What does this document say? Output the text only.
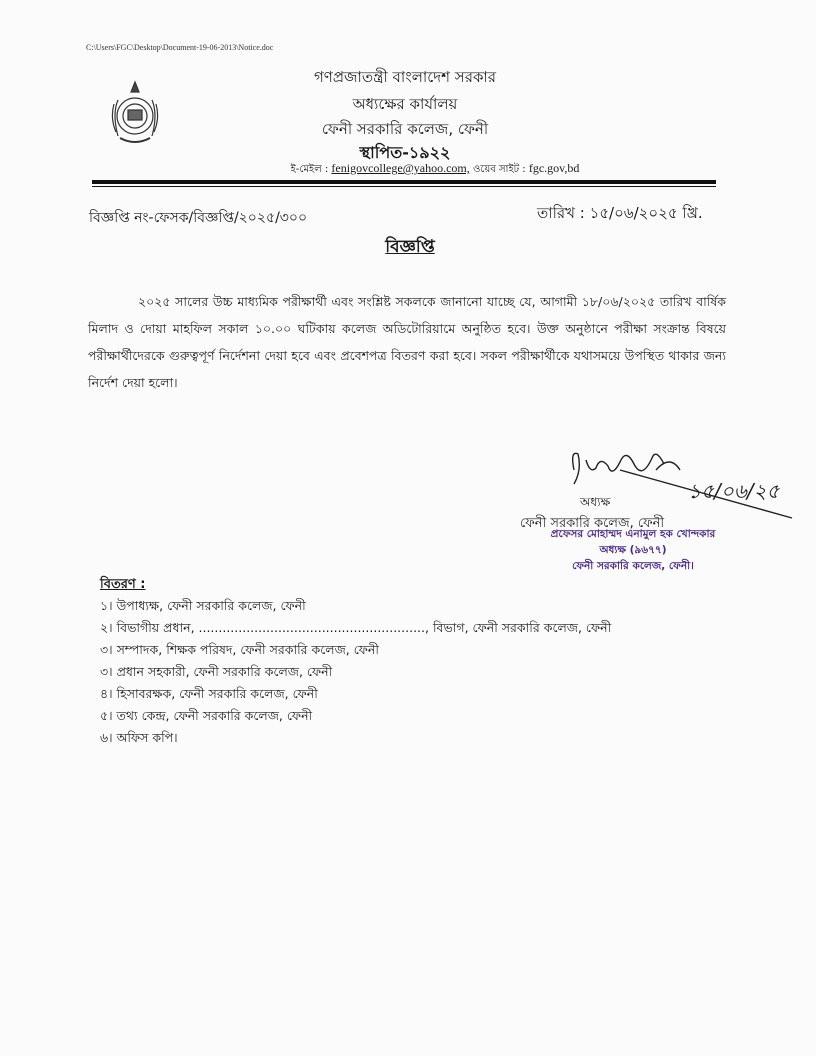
C:\Users\FGC\Desktop\Document-19-06-2013\Notice.doc
গণপ্রজাতন্ত্রী বাংলাদেশ সরকার
অধ্যক্ষের কার্যালয়
ফেনী সরকারি কলেজ, ফেনী
স্থাপিত-১৯২২
ই-মেইল : fenigovcollege@yahoo.com, ওয়েব সাইট : fgc.gov,bd
বিজ্ঞপ্তি নং-ফেসক/বিজ্ঞপ্তি/২০২৫/৩০০	তারিখ : ১৫/০৬/২০২৫ খ্রি.
বিজ্ঞপ্তি

২০২৫ সালের উচ্চ মাধ্যমিক পরীক্ষার্থী এবং সংশ্লিষ্ট সকলকে জানানো যাচ্ছে যে, আগামী ১৮/০৬/২০২৫ তারিখ বার্ষিক মিলাদ ও দোয়া মাহফিল সকাল ১০.০০ ঘটিকায় কলেজ অডিটোরিয়ামে অনুষ্ঠিত হবে। উক্ত অনুষ্ঠানে পরীক্ষা সংক্রান্ত বিষয়ে পরীক্ষার্থীদেরকে গুরুত্বপূর্ণ নির্দেশনা দেয়া হবে এবং প্রবেশপত্র বিতরণ করা হবে। সকল পরীক্ষার্থীকে যথাসময়ে উপস্থিত থাকার জন্য নির্দেশ দেয়া হলো।

১৫/০৬/২৫
অধ্যক্ষ
ফেনী সরকারি কলেজ, ফেনী
প্রফেসর মোহাম্মদ এনামুল হক খোন্দকার
অধ্যক্ষ (৯৬৭৭)
ফেনী সরকারি কলেজ, ফেনী।
বিতরণ :
১। উপাধ্যক্ষ, ফেনী সরকারি কলেজ, ফেনী
২। বিভাগীয় প্রধান, ........................................................., বিভাগ, ফেনী সরকারি কলেজ, ফেনী
৩। সম্পাদক, শিক্ষক পরিষদ, ফেনী সরকারি কলেজ, ফেনী
৩। প্রধান সহকারী, ফেনী সরকারি কলেজ, ফেনী
৪। হিসাবরক্ষক, ফেনী সরকারি কলেজ, ফেনী
৫। তথ্য কেন্দ্র, ফেনী সরকারি কলেজ, ফেনী
৬। অফিস কপি।
